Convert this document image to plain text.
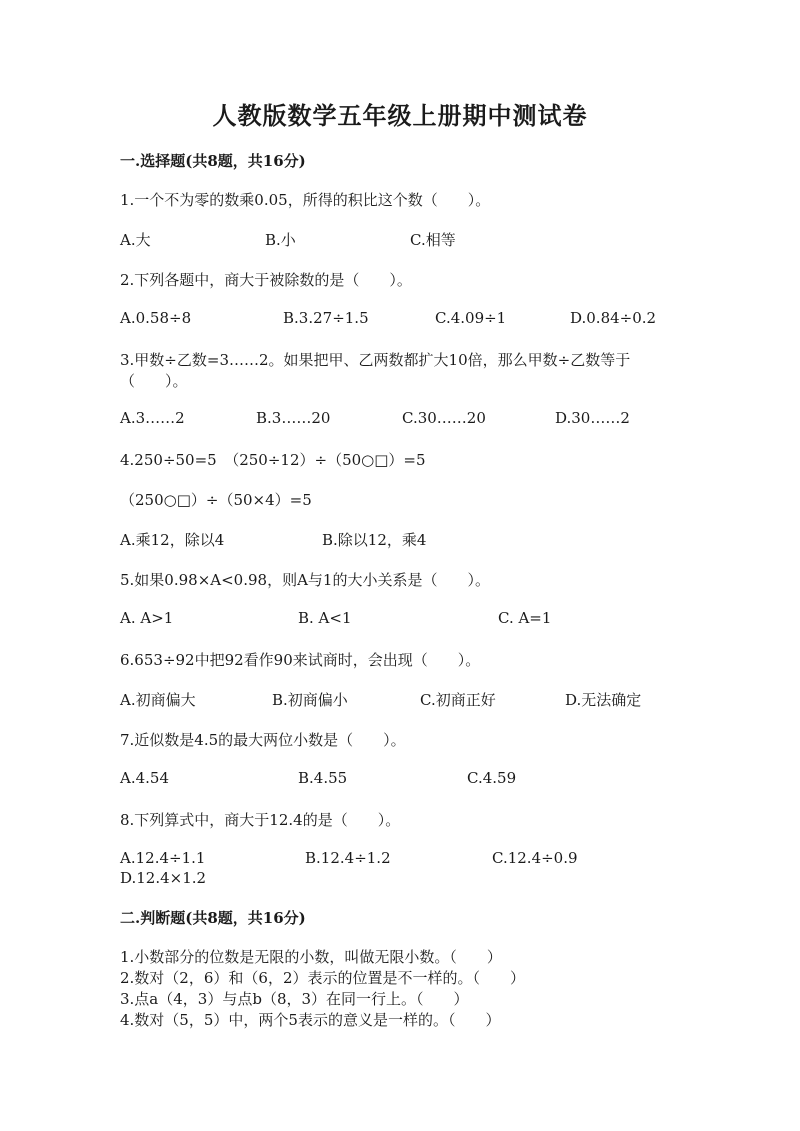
人教版数学五年级上册期中测试卷
一.选择题(共8题，共16分)
1.一个不为零的数乘0.05，所得的积比这个数（　　）。
A.大	B.小	C.相等
2.下列各题中，商大于被除数的是（　　）。
A.0.58÷8	B.3.27÷1.5	C.4.09÷1	D.0.84÷0.2
3.甲数÷乙数=3……2。如果把甲、乙两数都扩大10倍，那么甲数÷乙数等于
（　　）。
A.3……2	B.3……20	C.30……20	D.30……2
4.250÷50=5　（250÷12）÷（50○□）=5
（250○□）÷（50×4）=5
A.乘12，除以4	B.除以12，乘4
5.如果0.98×A<0.98，则A与1的大小关系是（　　）。
A. A>1	B. A<1	C. A=1
6.653÷92中把92看作90来试商时，会出现（　　）。
A.初商偏大	B.初商偏小	C.初商正好	D.无法确定
7.近似数是4.5的最大两位小数是（　　）。
A.4.54	B.4.55	C.4.59
8.下列算式中，商大于12.4的是（　　）。
A.12.4÷1.1	B.12.4÷1.2	C.12.4÷0.9
D.12.4×1.2
二.判断题(共8题，共16分)
1.小数部分的位数是无限的小数，叫做无限小数。（　　）
2.数对（2，6）和（6，2）表示的位置是不一样的。（　　）
3.点a（4，3）与点b（8，3）在同一行上。（　　）
4.数对（5，5）中，两个5表示的意义是一样的。（　　）
